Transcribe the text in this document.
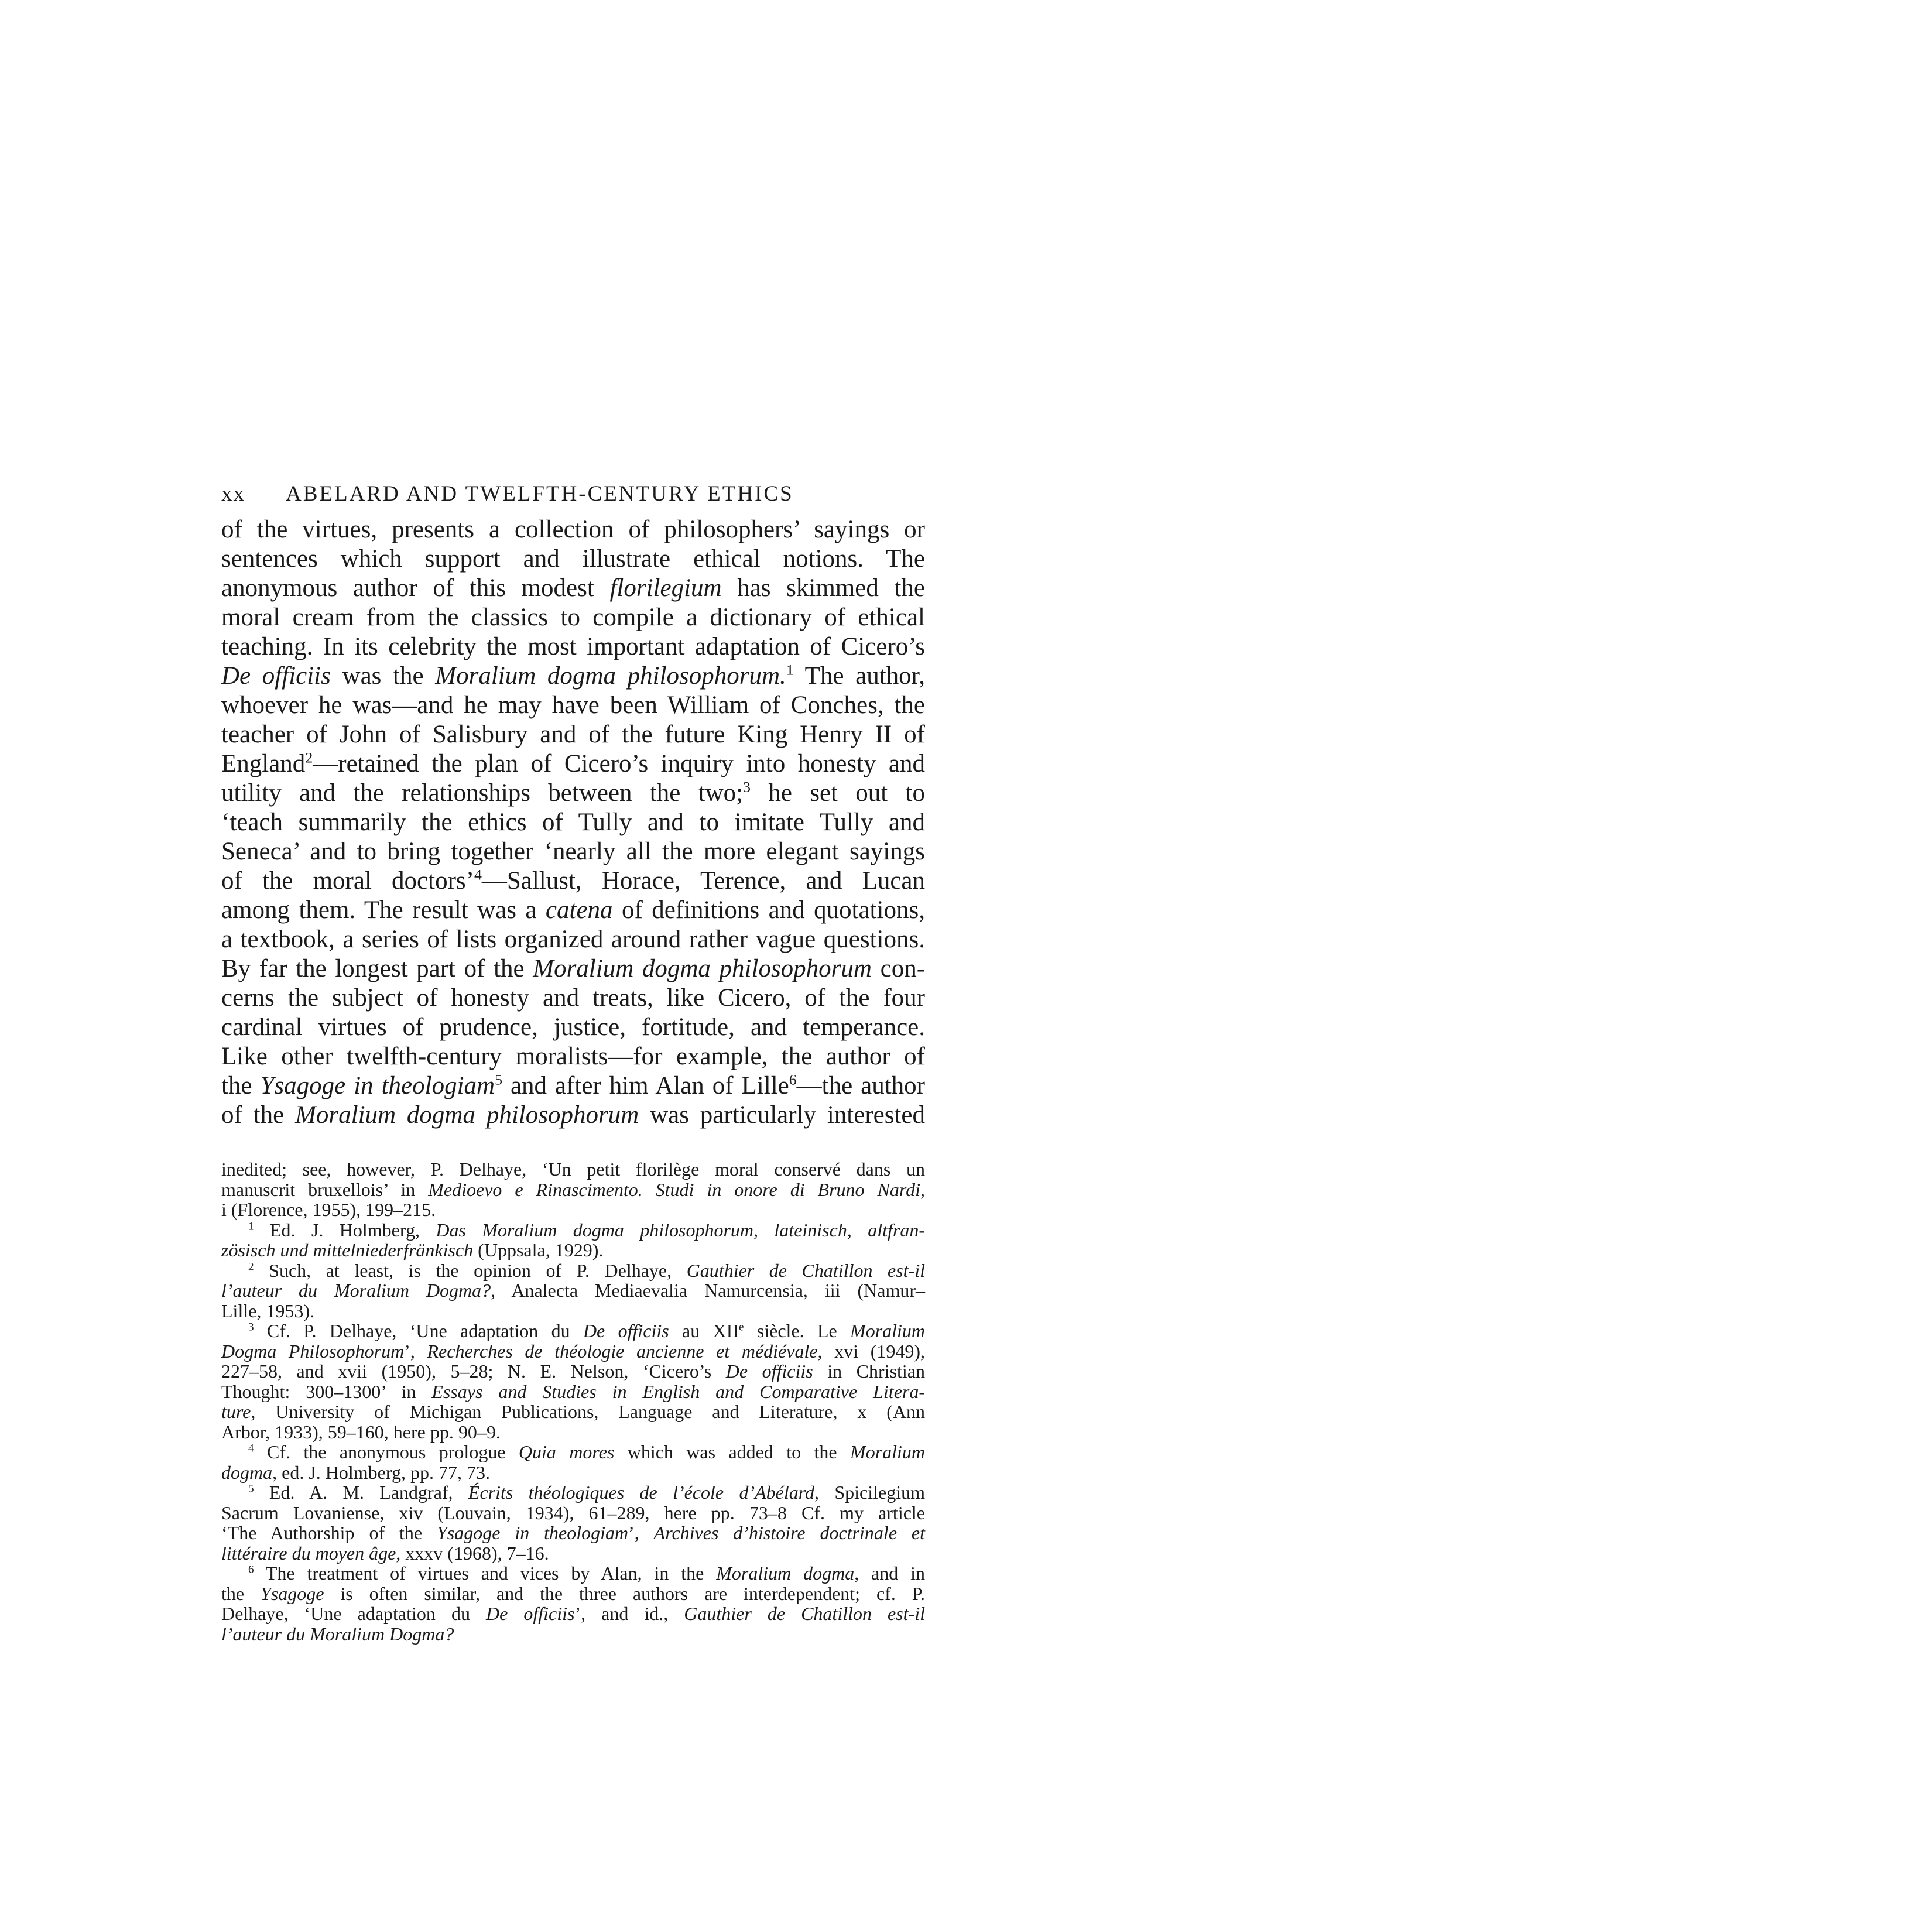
xx ABELARD AND TWELFTH-CENTURY ETHICS
of the virtues, presents a collection of philosophers’ sayings or
sentences which support and illustrate ethical notions. The
anonymous author of this modest florilegium has skimmed the
moral cream from the classics to compile a dictionary of ethical
teaching. In its celebrity the most important adaptation of Cicero’s
De officiis was the Moralium dogma philosophorum.$^1$ The author,
whoever he was—and he may have been William of Conches, the
teacher of John of Salisbury and of the future King Henry II of
England$^2$—retained the plan of Cicero’s inquiry into honesty and
utility and the relationships between the two;$^3$ he set out to
‘teach summarily the ethics of Tully and to imitate Tully and
Seneca’ and to bring together ‘nearly all the more elegant sayings
of the moral doctors’$^4$—Sallust, Horace, Terence, and Lucan
among them. The result was a catena of definitions and quotations,
a textbook, a series of lists organized around rather vague questions.
By far the longest part of the Moralium dogma philosophorum con-
cerns the subject of honesty and treats, like Cicero, of the four
cardinal virtues of prudence, justice, fortitude, and temperance.
Like other twelfth-century moralists—for example, the author of
the Ysagoge in theologiam$^5$ and after him Alan of Lille$^6$—the author
of the Moralium dogma philosophorum was particularly interested
inedited; see, however, P. Delhaye, ‘Un petit florilège moral conservé dans un
manuscrit bruxellois’ in Medioevo e Rinascimento. Studi in onore di Bruno Nardi,
i (Florence, 1955), 199–215.
$^1$ Ed. J. Holmberg, Das Moralium dogma philosophorum, lateinisch, altfran-
zösisch und mittelniederfränkisch (Uppsala, 1929).
$^2$ Such, at least, is the opinion of P. Delhaye, Gauthier de Chatillon est-il
l’auteur du Moralium Dogma?, Analecta Mediaevalia Namurcensia, iii (Namur–
Lille, 1953).
$^3$ Cf. P. Delhaye, ‘Une adaptation du De officiis au XIIe siècle. Le Moralium
Dogma Philosophorum’, Recherches de théologie ancienne et médiévale, xvi (1949),
227–58, and xvii (1950), 5–28; N. E. Nelson, ‘Cicero’s De officiis in Christian
Thought: 300–1300’ in Essays and Studies in English and Comparative Litera-
ture, University of Michigan Publications, Language and Literature, x (Ann
Arbor, 1933), 59–160, here pp. 90–9.
$^4$ Cf. the anonymous prologue Quia mores which was added to the Moralium
dogma, ed. J. Holmberg, pp. 77, 73.
$^5$ Ed. A. M. Landgraf, Écrits théologiques de l’école d’Abélard, Spicilegium
Sacrum Lovaniense, xiv (Louvain, 1934), 61–289, here pp. 73–8 Cf. my article
‘The Authorship of the Ysagoge in theologiam’, Archives d’histoire doctrinale et
littéraire du moyen âge, xxxv (1968), 7–16.
$^6$ The treatment of virtues and vices by Alan, in the Moralium dogma, and in
the Ysagoge is often similar, and the three authors are interdependent; cf. P.
Delhaye, ‘Une adaptation du De officiis’, and id., Gauthier de Chatillon est-il
l’auteur du Moralium Dogma?
